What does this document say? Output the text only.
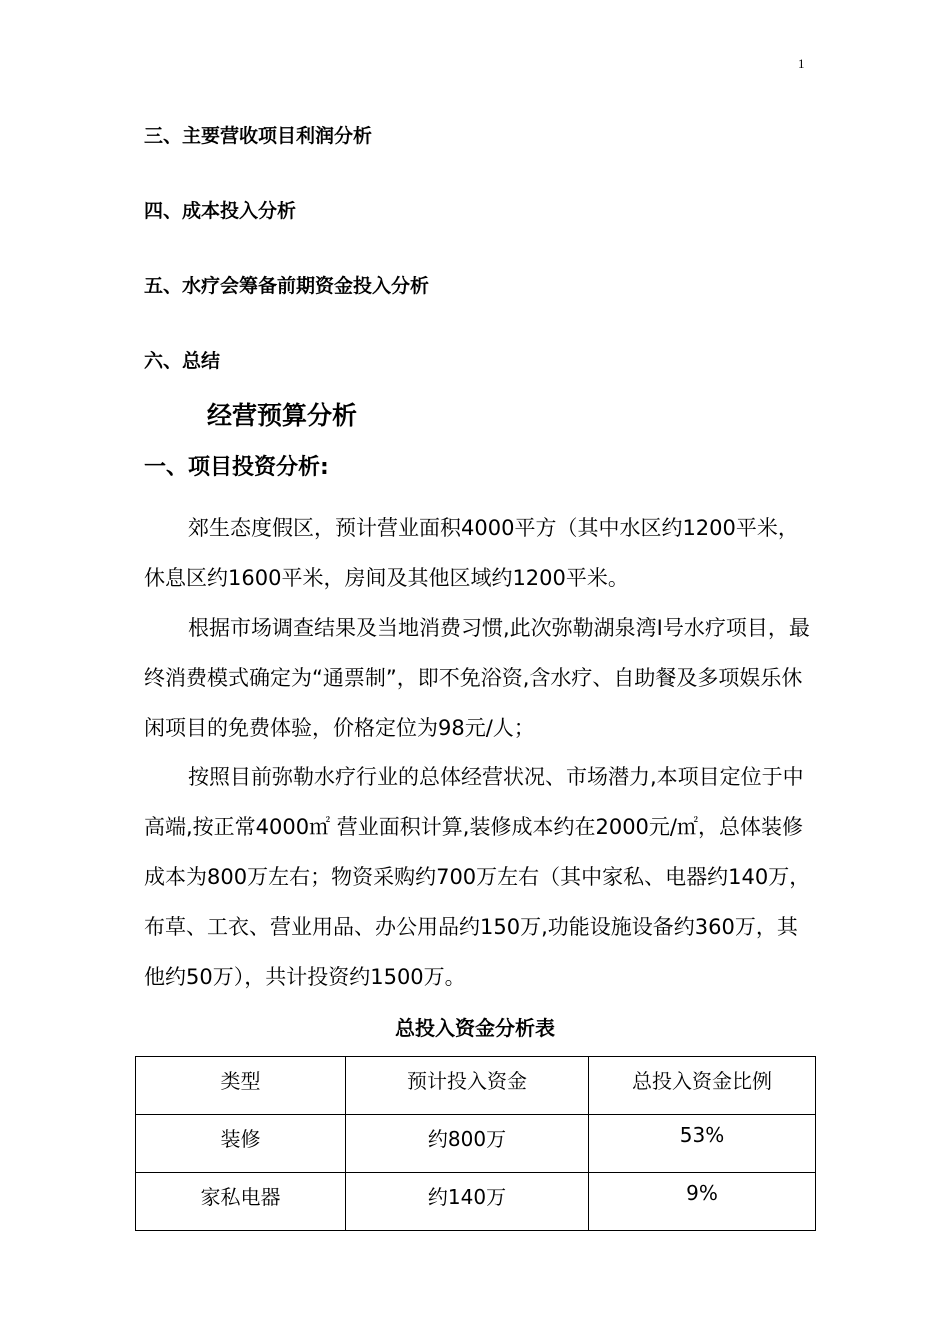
1
三、主要营收项目利润分析
四、成本投入分析
五、水疗会筹备前期资金投入分析
六、总结
经营预算分析
一、项目投资分析:

郊生态度假区，预计营业面积4000平方（其中水区约1200平米，休息区约1600平米，房间及其他区域约1200平米。

根据市场调查结果及当地消费习惯,此次弥勒湖泉湾Ⅰ号水疗项目，最终消费模式确定为“通票制”，即不免浴资,含水疗、自助餐及多项娱乐休闲项目的免费体验，价格定位为98元/人；

按照目前弥勒水疗行业的总体经营状况、市场潜力,本项目定位于中高端,按正常4000㎡ 营业面积计算,装修成本约在2000元/㎡，总体装修成本为800万左右；物资采购约700万左右（其中家私、电器约140万，布草、工衣、营业用品、办公用品约150万,功能设施设备约360万，其他约50万），共计投资约1500万。

总投入资金分析表
类型	预计投入资金	总投入资金比例
装修	约800万	53%
家私电器	约140万	9%
